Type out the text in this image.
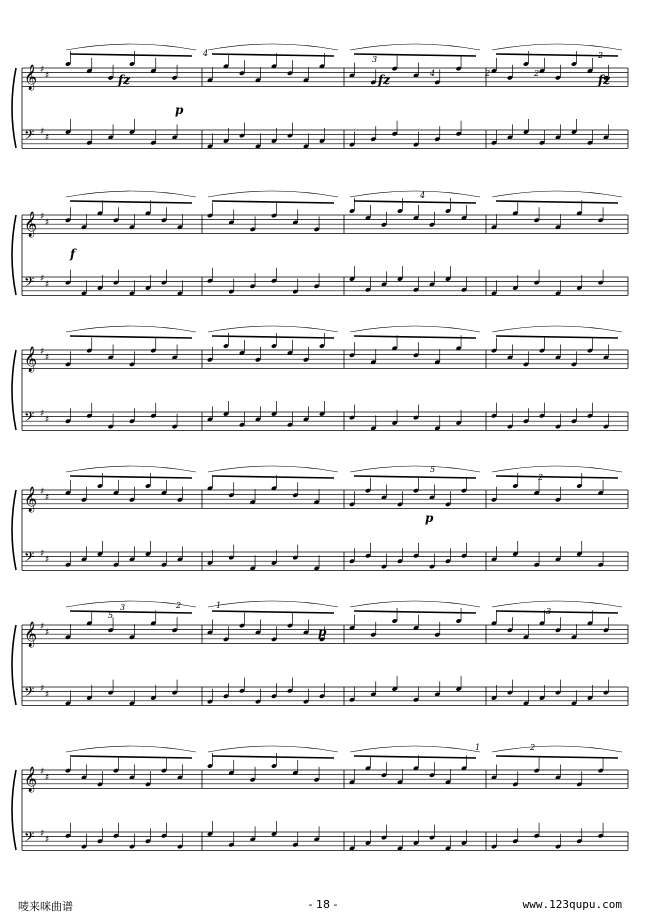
𝄞 ♯
♯
𝄢 ♯
♯
𝄞 ♯
♯
𝄢 ♯
♯
𝄞 ♯
♯
𝄢 ♯
♯
𝄞 ♯
♯
𝄢 ♯
♯
𝄞 ♯
♯
𝄢 ♯
♯
𝄞 ♯
♯
𝄢 ♯
♯
fz
p
fz	fz
f
p
p
4
3
4	2	2
2
4
5
3	2	1
5
2
3
2
1
唛来咪曲谱	- 18 -	www.123qupu.com
